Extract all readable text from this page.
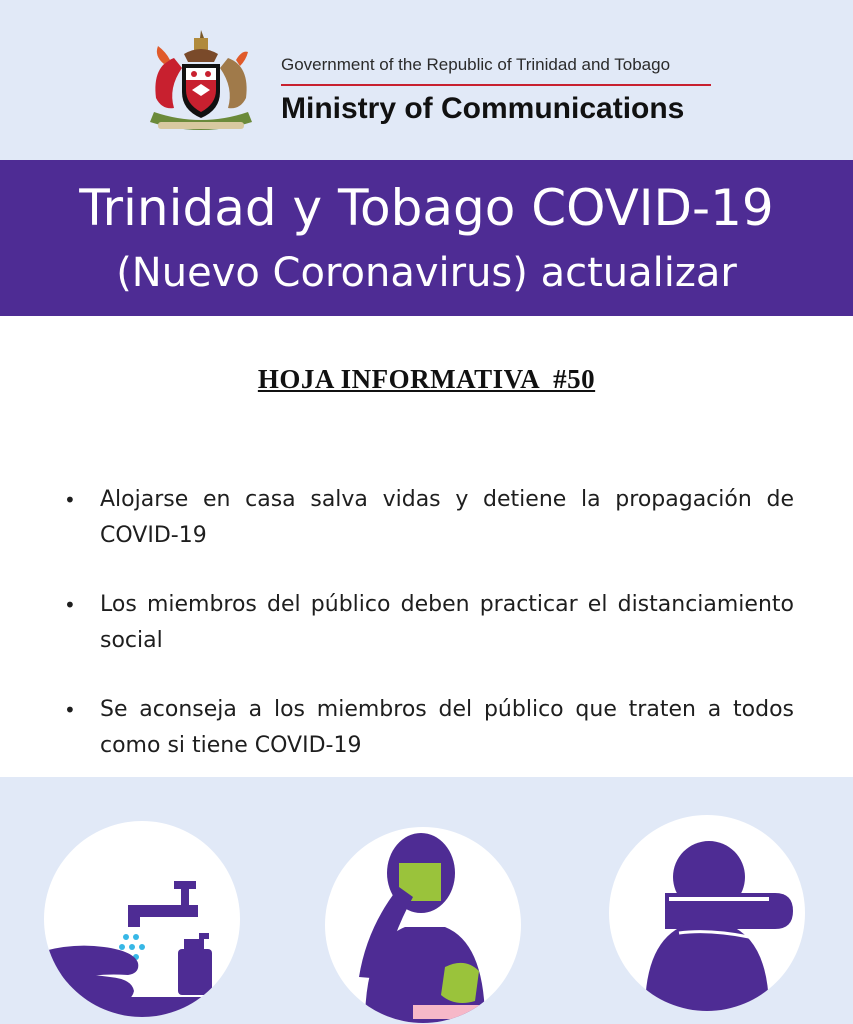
Government of the Republic of Trinidad and Tobago
Ministry of Communications
Trinidad y Tobago COVID-19
(Nuevo Coronavirus) actualizar
HOJA INFORMATIVA  #50
• Alojarse en casa salva vidas y detiene la propagación de COVID-19
• Los miembros del público deben practicar el distanciamiento social
• Se aconseja a los miembros del público que traten a todos como si tiene COVID-19
